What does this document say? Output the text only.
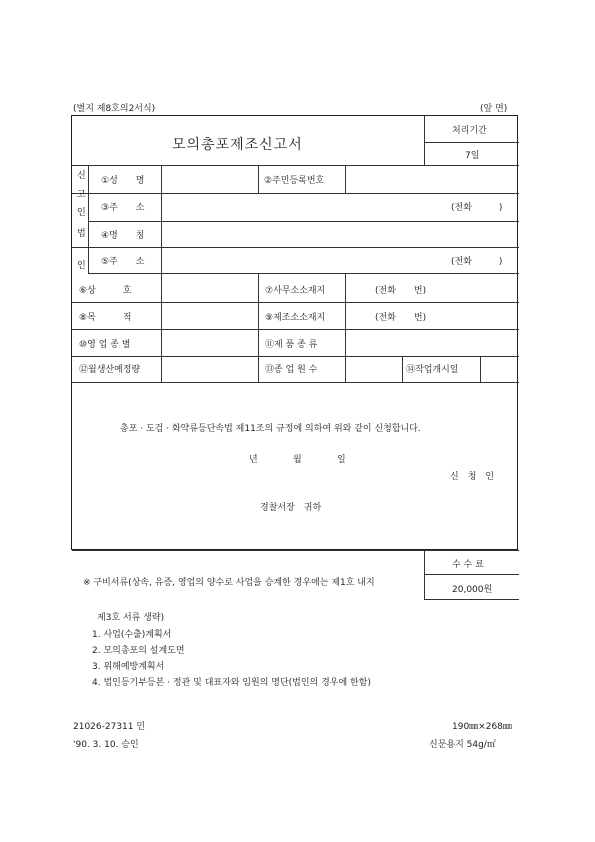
(별지 제8호의2서식)	(앞 면)
모의총포제조신고서
처리기간
7일
신
고
인
①성　　명	②주민등록번호
③주　　소	(전화　　　)
법
인
④명　　칭
⑤주　　소	(전화　　　)
⑥상　　　호	⑦사무소소재지	(전화　　번)
⑧목　　　적	⑨제조소소재지	(전화　　번)
⑩영 업 종 별	⑪제 품 종 류
⑫월생산예정량	⑬종 업 원 수	⑭작업개시일
총포 · 도검 · 화약류등단속법 제11조의 규정에 의하여 위와 같이 신청합니다.
년	월	일
신　청　인
경찰서장　귀하
수 수 료
20,000원
※ 구비서류(상속, 유증, 영업의 양수로 사업을 승계한 경우에는 제1호 내지
제3호 서류 생략)
1. 사업(수출)계획서
2. 모의총포의 설계도면
3. 위해예방계획서
4. 법인등기부등본 · 정관 및 대표자와 임원의 명단(법인의 경우에 한함)
21026-27311 민
'90. 3. 10. 승인
190㎜×268㎜
신문용지 54g/㎡
